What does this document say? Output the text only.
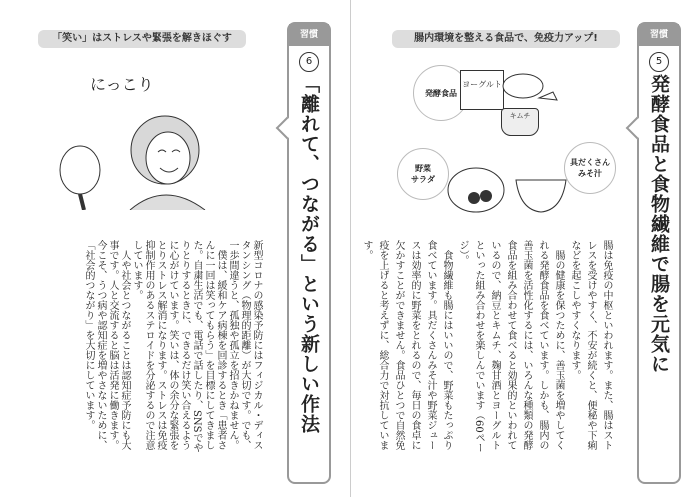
「笑い」はストレスや緊張を解きほぐす
にっこり

新型コロナの感染予防にはフィジカル・ディスタンシング（物理的距離）が大切です。でも、一歩間違うと、孤独や孤立を招きかねません。

僕は、緩和ケア病棟を回診するとき「患者さんに一回は笑ってもらう」を目標にしてきました。自粛生活でも、電話で話したり、SNSでやりとりするときに、できるだけ笑い合えるように心がけています。笑いは、体の余分な緊張をとりストレス解消になります。ストレスは免疫抑制作用のあるステロイドを分泌するので注意しています。

人や社会とつながることは認知症予防にも大事です。人と交流すると脳は活発に働きます。今こそ、うつ病や認知症を増やさないために、「社会的つながり」を大切にしています。

習慣
6
「離れて、つながる」という新しい作法
腸内環境を整える食品で、免疫力アップ!
発酵食品
野菜
サラダ
具だくさん
みそ汁
ヨーグルト
キムチ

腸は免疫の中枢といわれます。また、腸はストレスを受けやすく、不安が続くと、便秘や下痢などを起こしやすくなります。

腸の健康を保つために、善玉菌を増やしてくれる発酵食品を食べています。しかも、腸内の善玉菌を活性化するには、いろんな種類の発酵食品を組み合わせて食べると効果的といわれているので、納豆とキムチ、麹甘酒とヨーグルトといった組み合わせを楽しんでいます（60ページ）。

食物繊維も腸にはいいので、野菜もたっぷり食べています。具だくさんみそ汁や野菜ジュースは効率的に野菜をとれるので、毎日の食卓に欠かすことができません。食品ひとつで自然免疫を上げると考えずに、総合力で対抗しています。

習慣
5
発酵食品と食物繊維で腸を元気に
